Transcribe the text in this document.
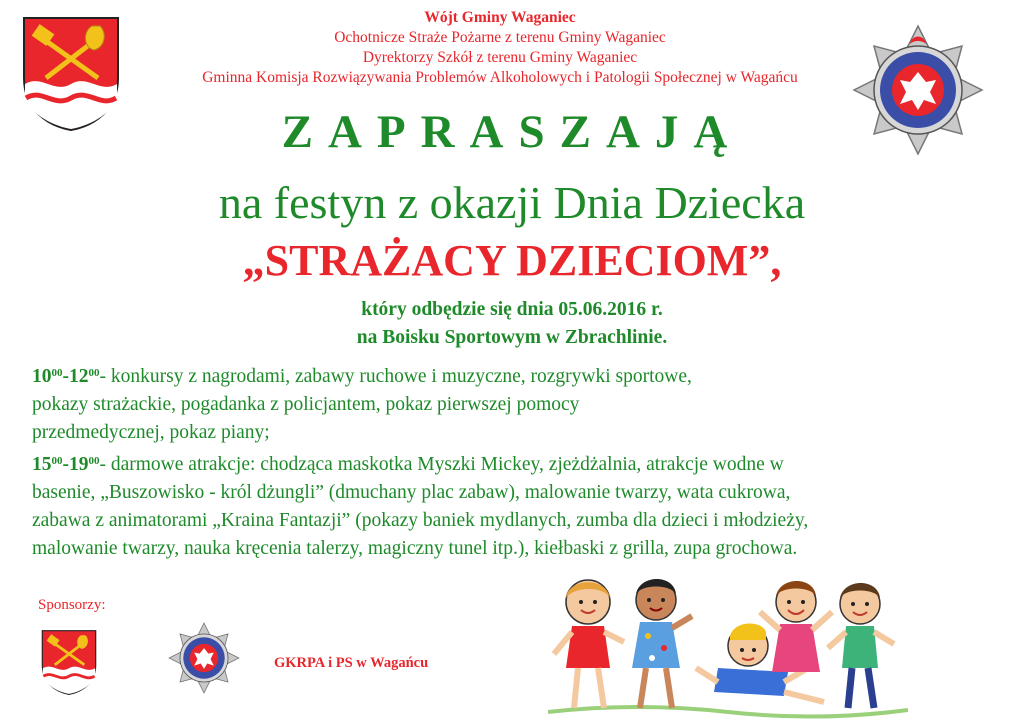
Wójt Gminy Waganiec
Ochotnicze Straże Pożarne z terenu Gminy Waganiec
Dyrektorzy Szkół z terenu Gminy Waganiec
Gminna Komisja Rozwiązywania Problemów Alkoholowych i Patologii Społecznej w Wagańcu
ZAPRASZAJĄ
na festyn z okazji Dnia Dziecka
„STRAŻACY DZIECIOM”,
który odbędzie się dnia 05.06.2016 r.
na Boisku Sportowym w Zbrachlinie.
$10^{00}-12^{00}-$ konkursy z nagrodami, zabawy ruchowe i muzyczne, rozgrywki sportowe,
pokazy strażackie, pogadanka z policjantem, pokaz pierwszej pomocy
przedmedycznej, pokaz piany;
$15^{00}-19^{00}-$ darmowe atrakcje: chodząca maskotka Myszki Mickey, zjeżdżalnia, atrakcje wodne w
basenie, „Buszowisko - król dżungli” (dmuchany plac zabaw), malowanie twarzy, wata cukrowa,
zabawa z animatorami „Kraina Fantazji” (pokazy baniek mydlanych, zumba dla dzieci i młodzieży,
malowanie twarzy, nauka kręcenia talerzy, magiczny tunel itp.), kiełbaski z grilla, zupa grochowa.
Sponsorzy:
GKRPA i PS w Wagańcu
